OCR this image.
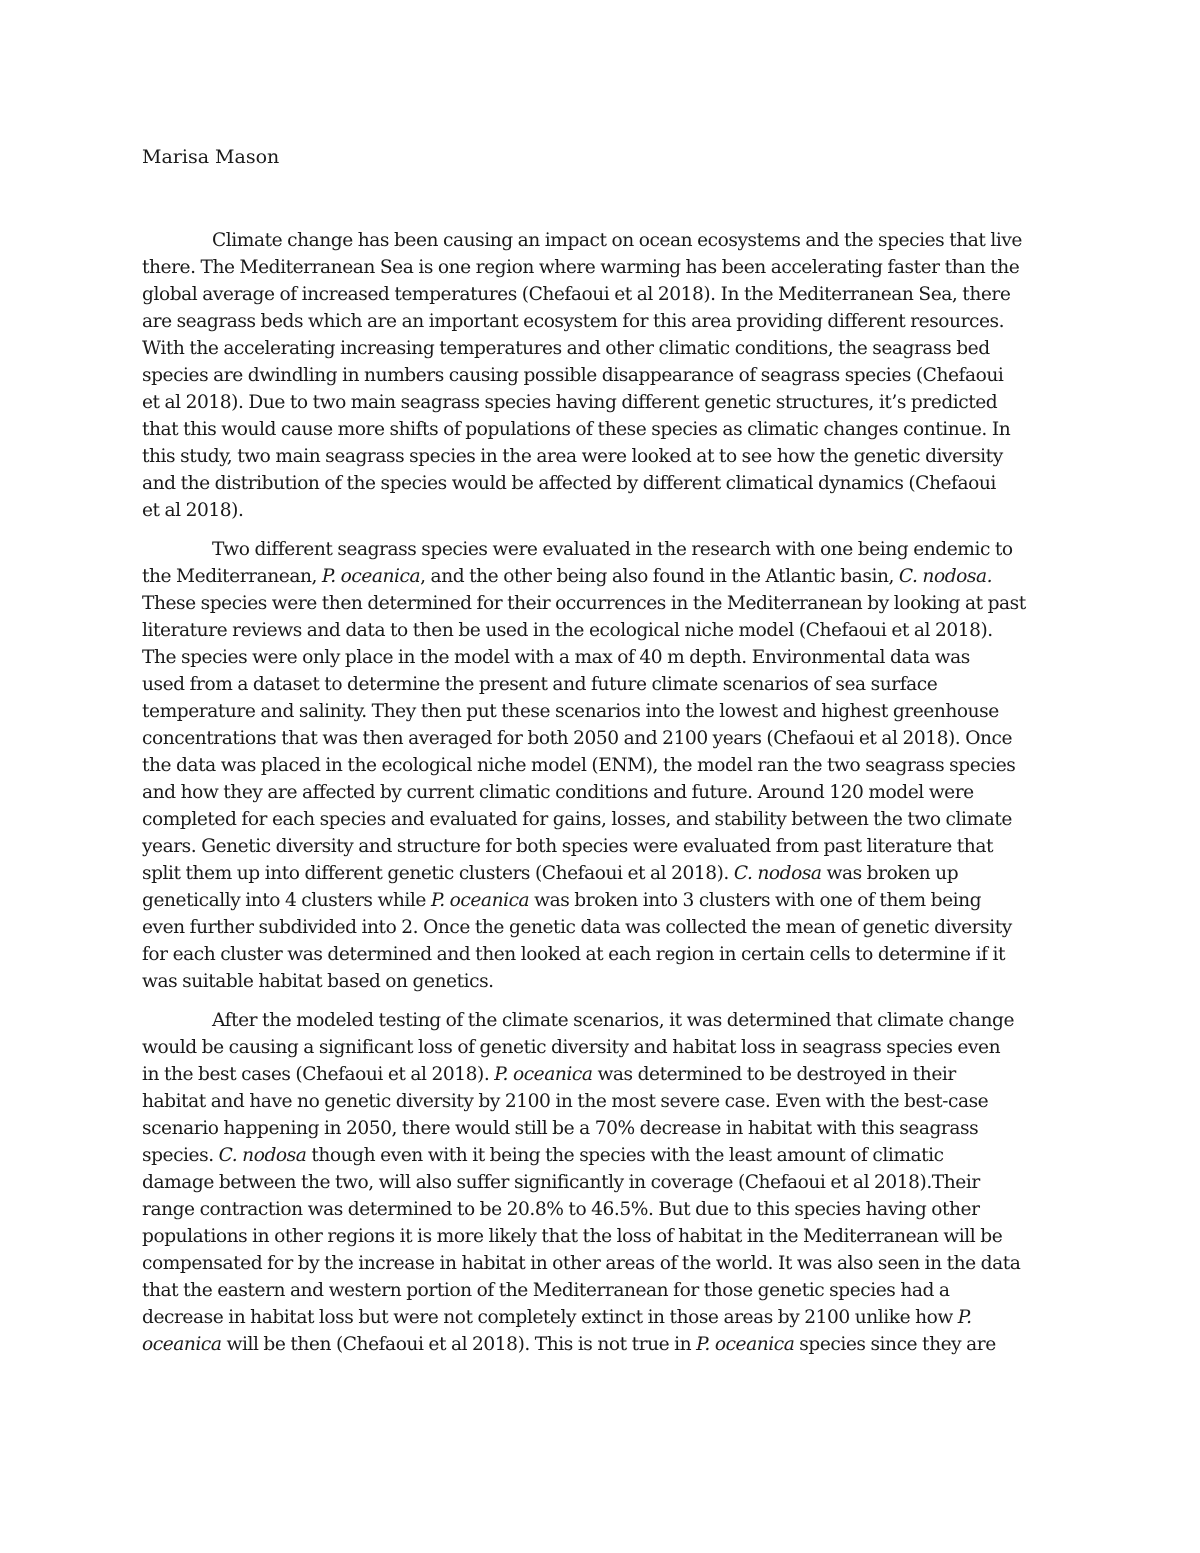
Marisa Mason

Climate change has been causing an impact on ocean ecosystems and the species that live
there. The Mediterranean Sea is one region where warming has been accelerating faster than the
global average of increased temperatures (Chefaoui et al 2018). In the Mediterranean Sea, there
are seagrass beds which are an important ecosystem for this area providing different resources.
With the accelerating increasing temperatures and other climatic conditions, the seagrass bed
species are dwindling in numbers causing possible disappearance of seagrass species (Chefaoui
et al 2018). Due to two main seagrass species having different genetic structures, it’s predicted
that this would cause more shifts of populations of these species as climatic changes continue. In
this study, two main seagrass species in the area were looked at to see how the genetic diversity
and the distribution of the species would be affected by different climatical dynamics (Chefaoui
et al 2018).

Two different seagrass species were evaluated in the research with one being endemic to
the Mediterranean, P. oceanica, and the other being also found in the Atlantic basin, C. nodosa.
These species were then determined for their occurrences in the Mediterranean by looking at past
literature reviews and data to then be used in the ecological niche model (Chefaoui et al 2018).
The species were only place in the model with a max of 40 m depth. Environmental data was
used from a dataset to determine the present and future climate scenarios of sea surface
temperature and salinity. They then put these scenarios into the lowest and highest greenhouse
concentrations that was then averaged for both 2050 and 2100 years (Chefaoui et al 2018). Once
the data was placed in the ecological niche model (ENM), the model ran the two seagrass species
and how they are affected by current climatic conditions and future. Around 120 model were
completed for each species and evaluated for gains, losses, and stability between the two climate
years. Genetic diversity and structure for both species were evaluated from past literature that
split them up into different genetic clusters (Chefaoui et al 2018). C. nodosa was broken up
genetically into 4 clusters while P. oceanica was broken into 3 clusters with one of them being
even further subdivided into 2. Once the genetic data was collected the mean of genetic diversity
for each cluster was determined and then looked at each region in certain cells to determine if it
was suitable habitat based on genetics.

After the modeled testing of the climate scenarios, it was determined that climate change
would be causing a significant loss of genetic diversity and habitat loss in seagrass species even
in the best cases (Chefaoui et al 2018). P. oceanica was determined to be destroyed in their
habitat and have no genetic diversity by 2100 in the most severe case. Even with the best-case
scenario happening in 2050, there would still be a 70% decrease in habitat with this seagrass
species. C. nodosa though even with it being the species with the least amount of climatic
damage between the two, will also suffer significantly in coverage (Chefaoui et al 2018).Their
range contraction was determined to be 20.8% to 46.5%. But due to this species having other
populations in other regions it is more likely that the loss of habitat in the Mediterranean will be
compensated for by the increase in habitat in other areas of the world. It was also seen in the data
that the eastern and western portion of the Mediterranean for those genetic species had a
decrease in habitat loss but were not completely extinct in those areas by 2100 unlike how P.
oceanica will be then (Chefaoui et al 2018). This is not true in P. oceanica species since they are
